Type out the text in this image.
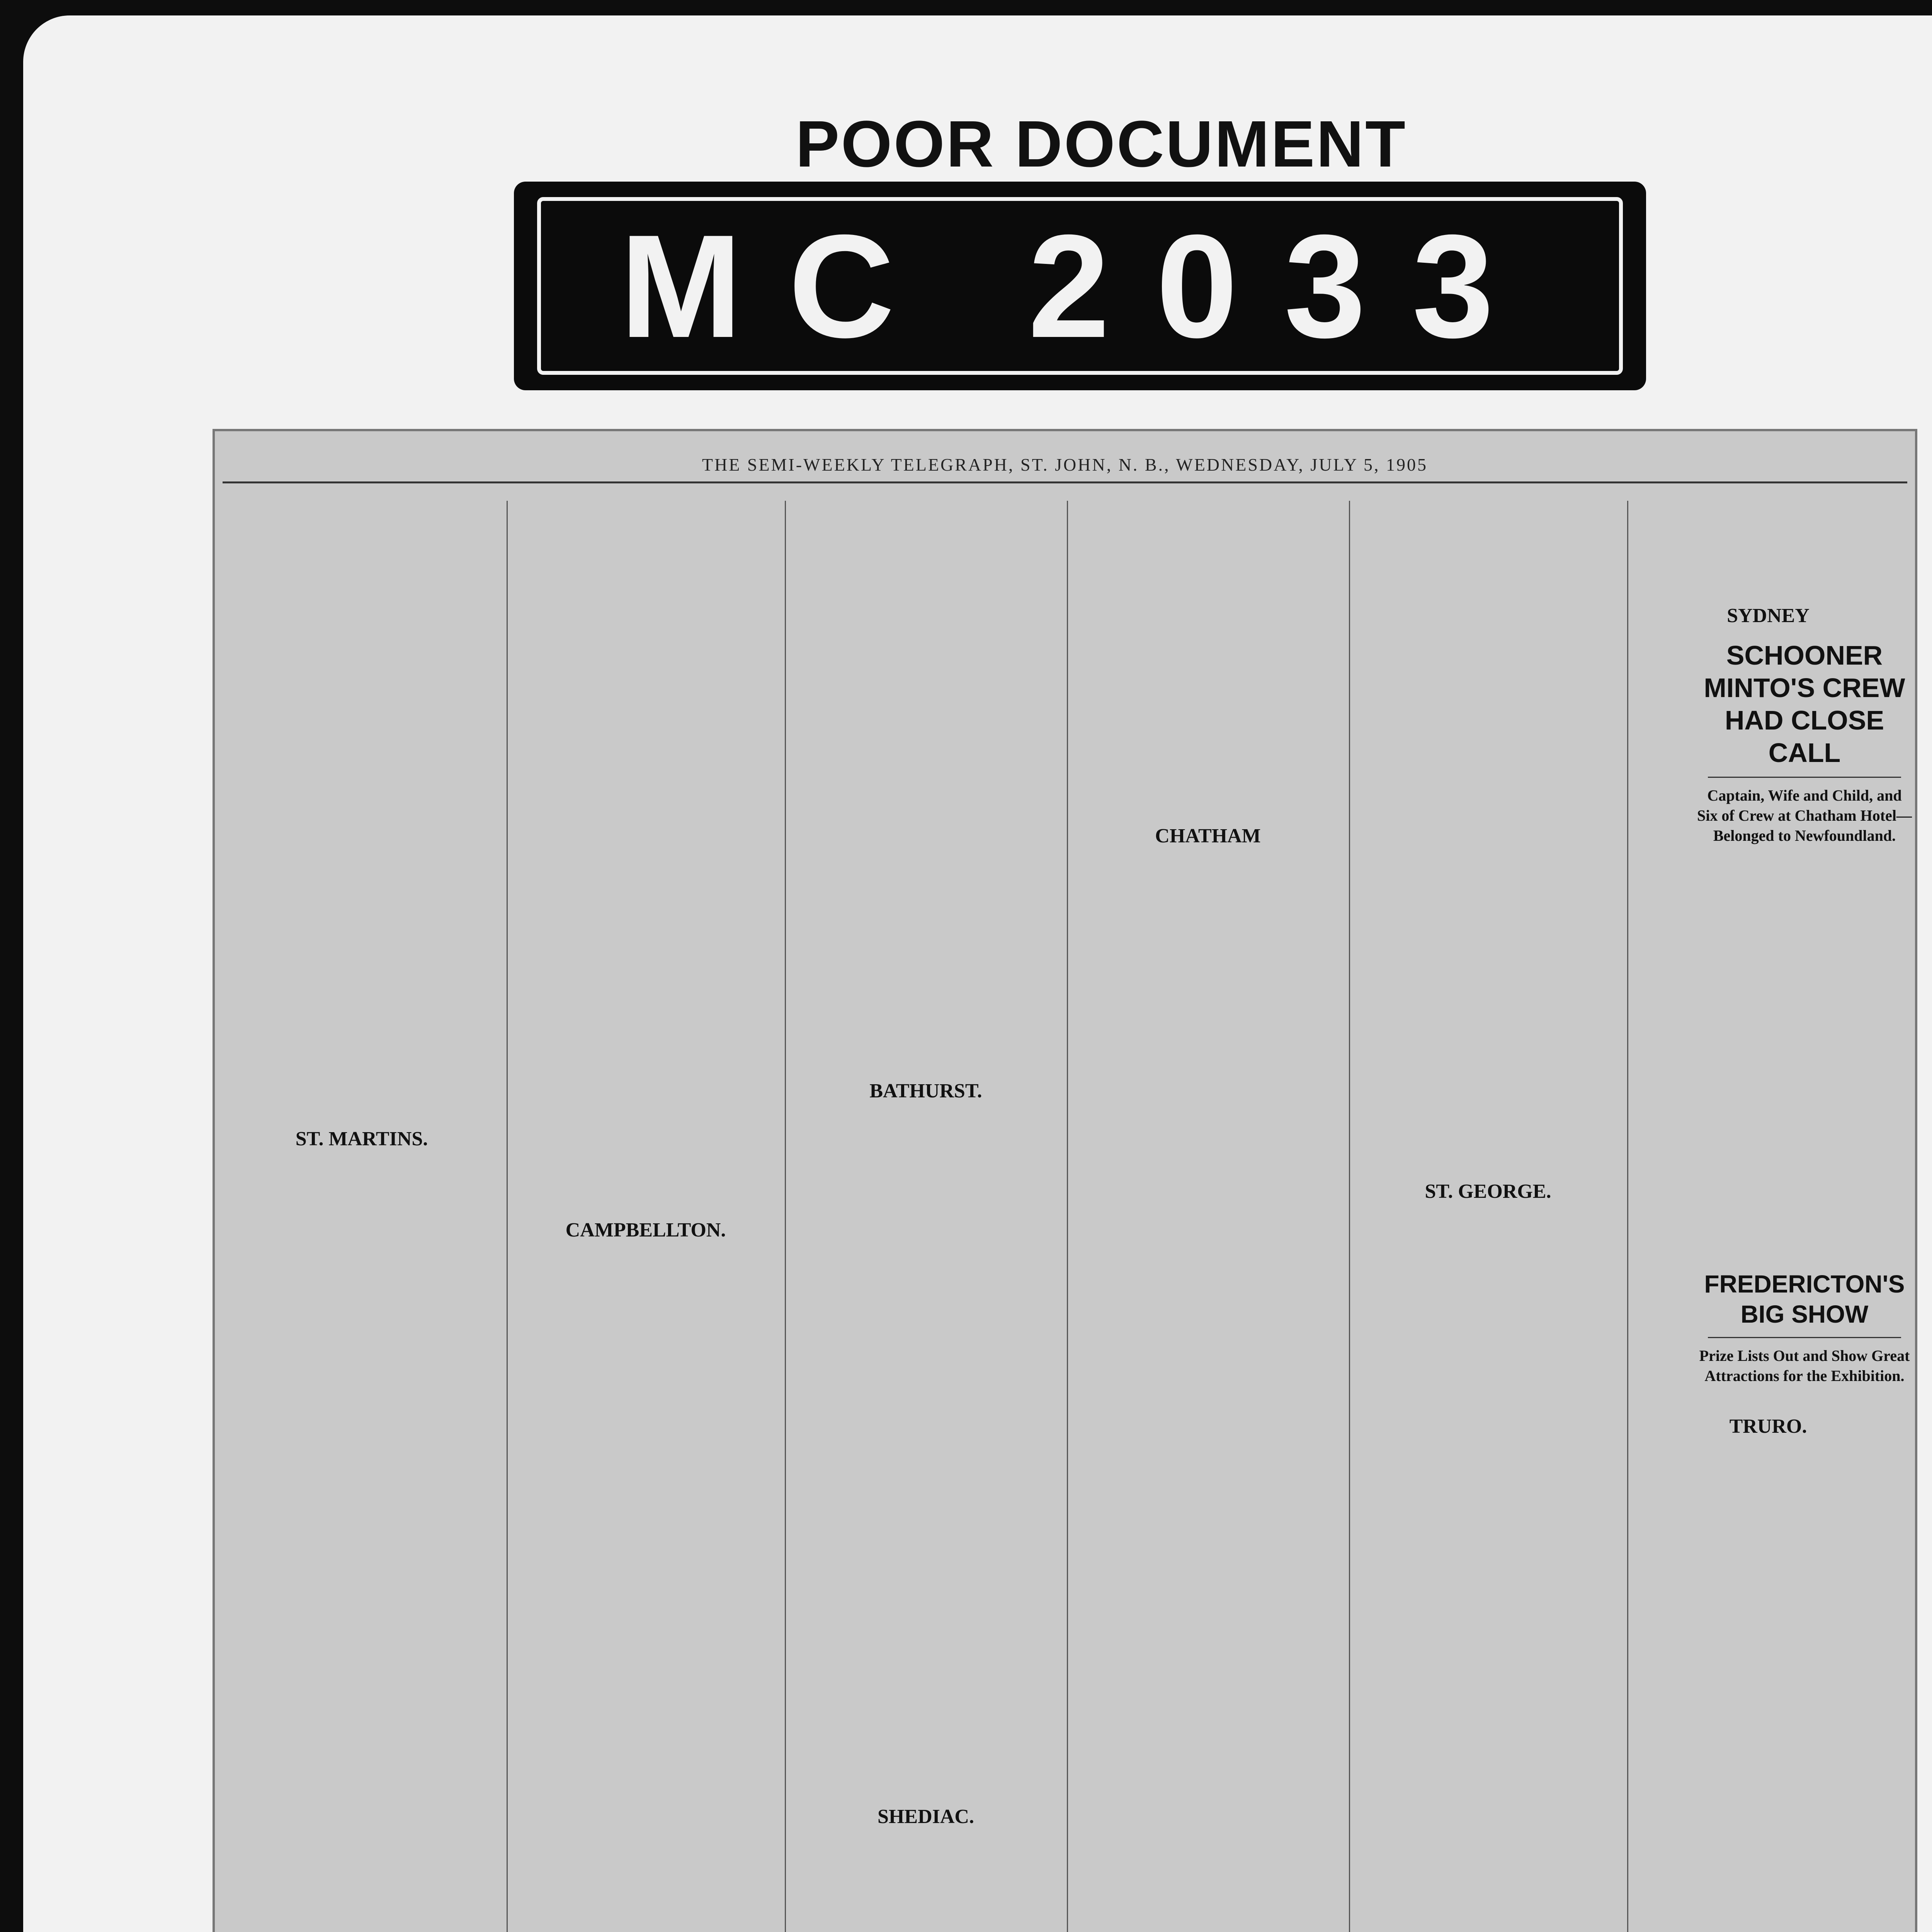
POOR DOCUMENT
MC 2033
THE SEMI-WEEKLY TELEGRAPH, ST. JOHN, N. B., WEDNESDAY, JULY 5, 1905

ST. MARTINS.

CAMPBELLTON.
BATHURST.
SHEDIAC.
CHATHAM
ST. GEORGE.
SYDNEY
TRURO.
SCHOONER MINTO'S CREW HAD CLOSE CALL
Captain, Wife and Child, and Six of Crew at Chatham Hotel—Belonged to Newfoundland.
FREDERICTON'S BIG SHOW
Prize Lists Out and Show Great Attractions for the Exhibition.
